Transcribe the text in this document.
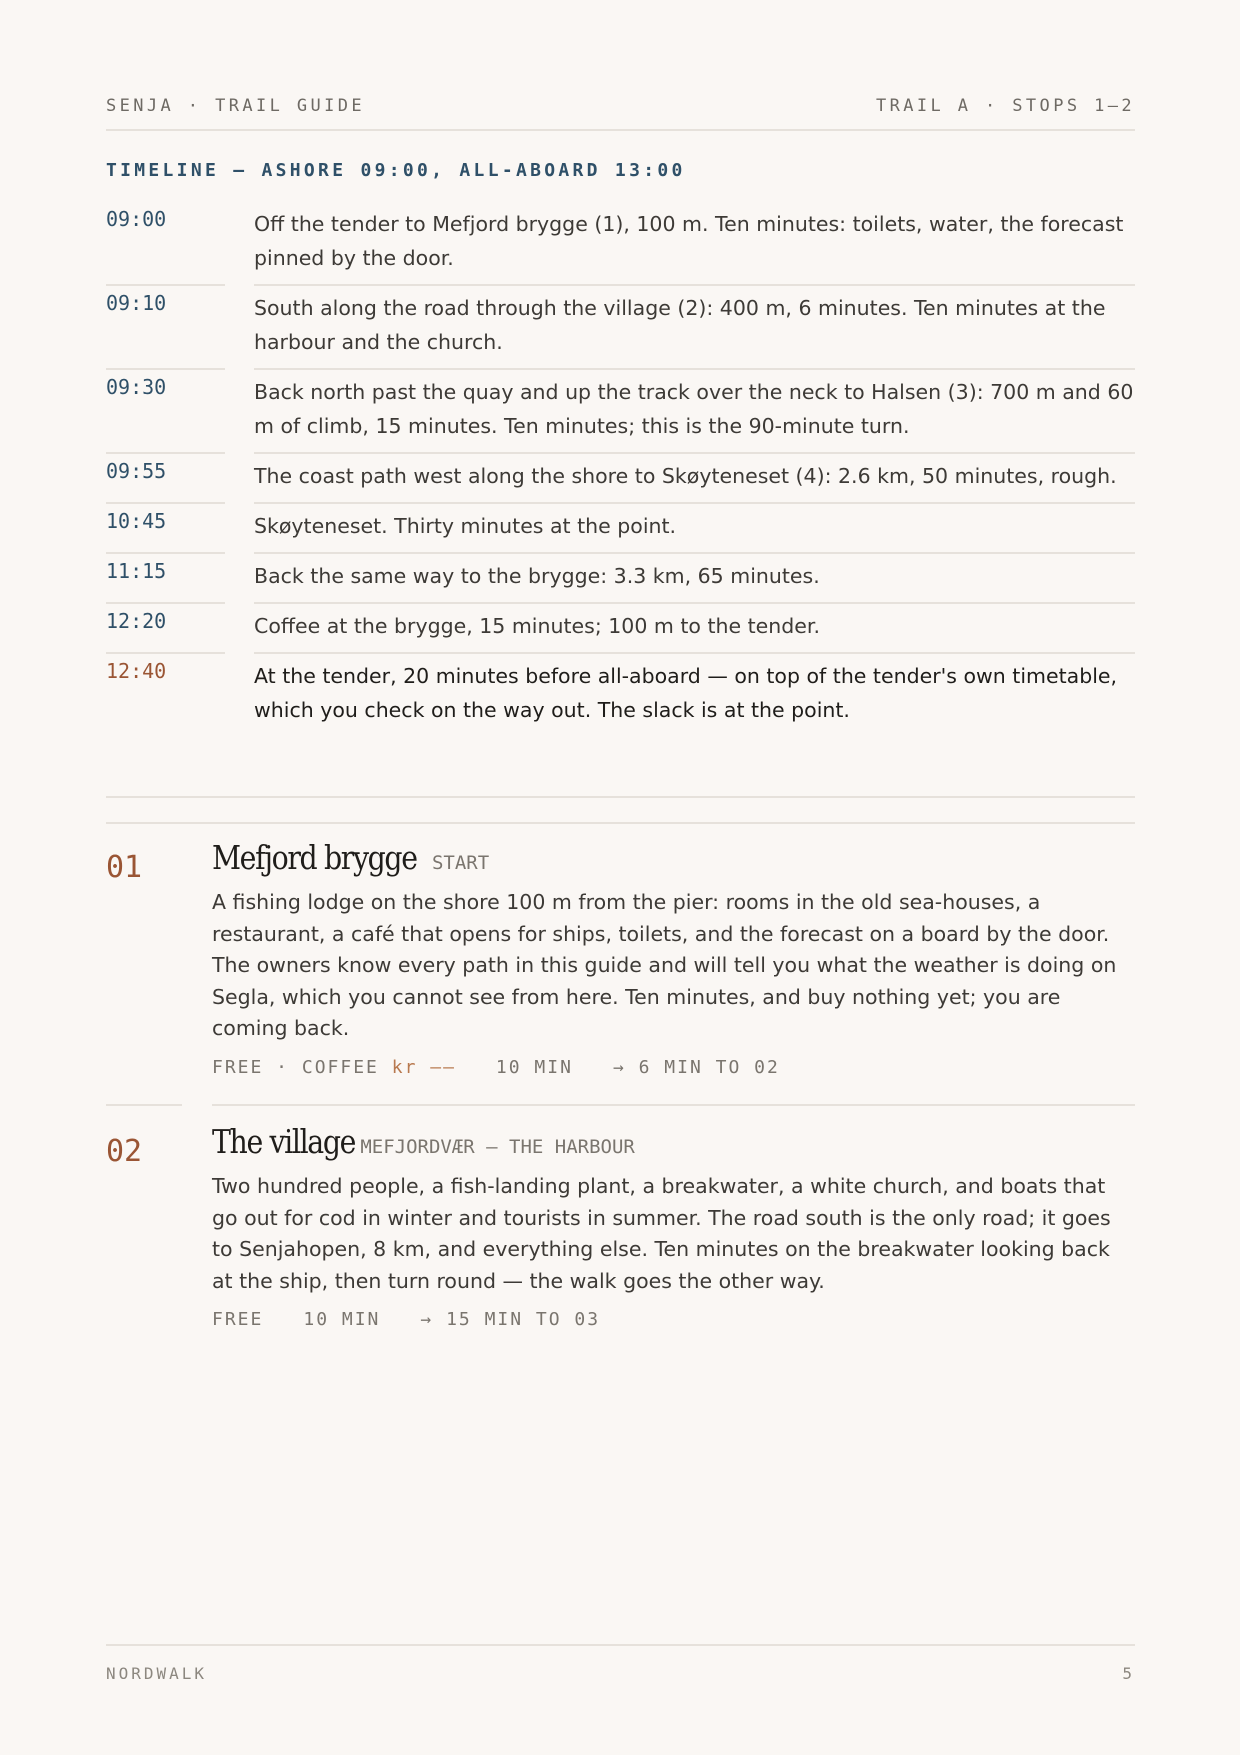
SENJA · TRAIL GUIDE	TRAIL A · STOPS 1–2
TIMELINE — ASHORE 09:00, ALL-ABOARD 13:00
09:00	Off the tender to Mefjord brygge (1), 100 m. Ten minutes: toilets, water, the forecast pinned by the door.
09:10	South along the road through the village (2): 400 m, 6 minutes. Ten minutes at the harbour and the church.
09:30	Back north past the quay and up the track over the neck to Halsen (3): 700 m and 60 m of climb, 15 minutes. Ten minutes; this is the 90-minute turn.
09:55	The coast path west along the shore to Skøyteneset (4): 2.6 km, 50 minutes, rough.
10:45	Skøyteneset. Thirty minutes at the point.
11:15	Back the same way to the brygge: 3.3 km, 65 minutes.
12:20	Coffee at the brygge, 15 minutes; 100 m to the tender.
12:40	At the tender, 20 minutes before all-aboard — on top of the tender's own timetable, which you check on the way out. The slack is at the point.
01 Mefjord brygge START
A fishing lodge on the shore 100 m from the pier: rooms in the old sea-houses, a restaurant, a café that opens for ships, toilets, and the forecast on a board by the door. The owners know every path in this guide and will tell you what the weather is doing on Segla, which you cannot see from here. Ten minutes, and buy nothing yet; you are coming back.
FREE · COFFEE kr —— 10 MIN → 6 MIN TO 02
02 The village MEFJORDVÆR — THE HARBOUR
Two hundred people, a fish-landing plant, a breakwater, a white church, and boats that go out for cod in winter and tourists in summer. The road south is the only road; it goes to Senjahopen, 8 km, and everything else. Ten minutes on the breakwater looking back at the ship, then turn round — the walk goes the other way.
FREE 10 MIN → 15 MIN TO 03
NORDWALK	5
